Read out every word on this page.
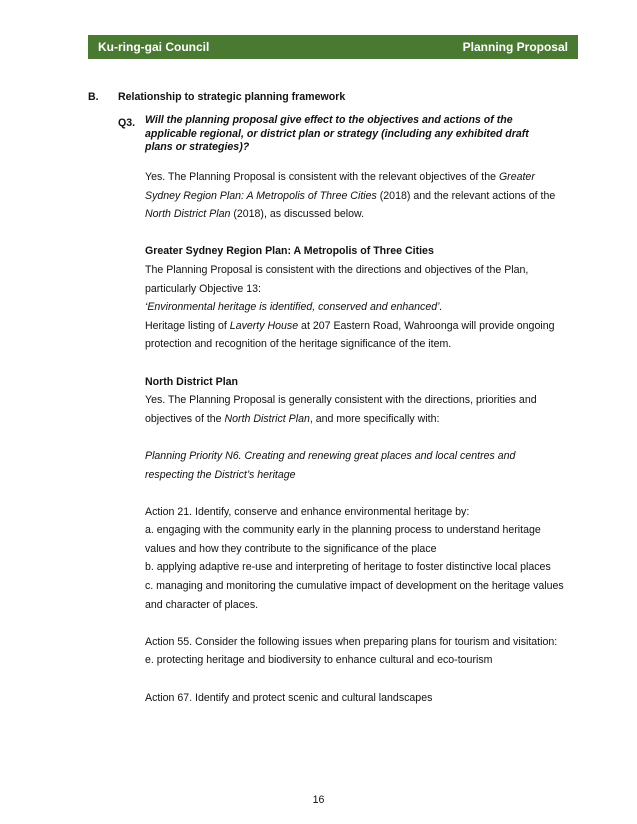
Ku-ring-gai Council	Planning Proposal
B. Relationship to strategic planning framework
Q3. Will the planning proposal give effect to the objectives and actions of the applicable regional, or district plan or strategy (including any exhibited draft plans or strategies)?

Yes. The Planning Proposal is consistent with the relevant objectives of the Greater Sydney Region Plan: A Metropolis of Three Cities (2018) and the relevant actions of the North District Plan (2018), as discussed below.

Greater Sydney Region Plan: A Metropolis of Three Cities

The Planning Proposal is consistent with the directions and objectives of the Plan, particularly Objective 13:

‘Environmental heritage is identified, conserved and enhanced’.

Heritage listing of Laverty House at 207 Eastern Road, Wahroonga will provide ongoing protection and recognition of the heritage significance of the item.

North District Plan

Yes. The Planning Proposal is generally consistent with the directions, priorities and objectives of the North District Plan, and more specifically with:

Planning Priority N6. Creating and renewing great places and local centres and respecting the District’s heritage

Action 21. Identify, conserve and enhance environmental heritage by:

a. engaging with the community early in the planning process to understand heritage values and how they contribute to the significance of the place

b. applying adaptive re-use and interpreting of heritage to foster distinctive local places

c. managing and monitoring the cumulative impact of development on the heritage values and character of places.

Action 55. Consider the following issues when preparing plans for tourism and visitation:

e. protecting heritage and biodiversity to enhance cultural and eco-tourism

Action 67. Identify and protect scenic and cultural landscapes

16
